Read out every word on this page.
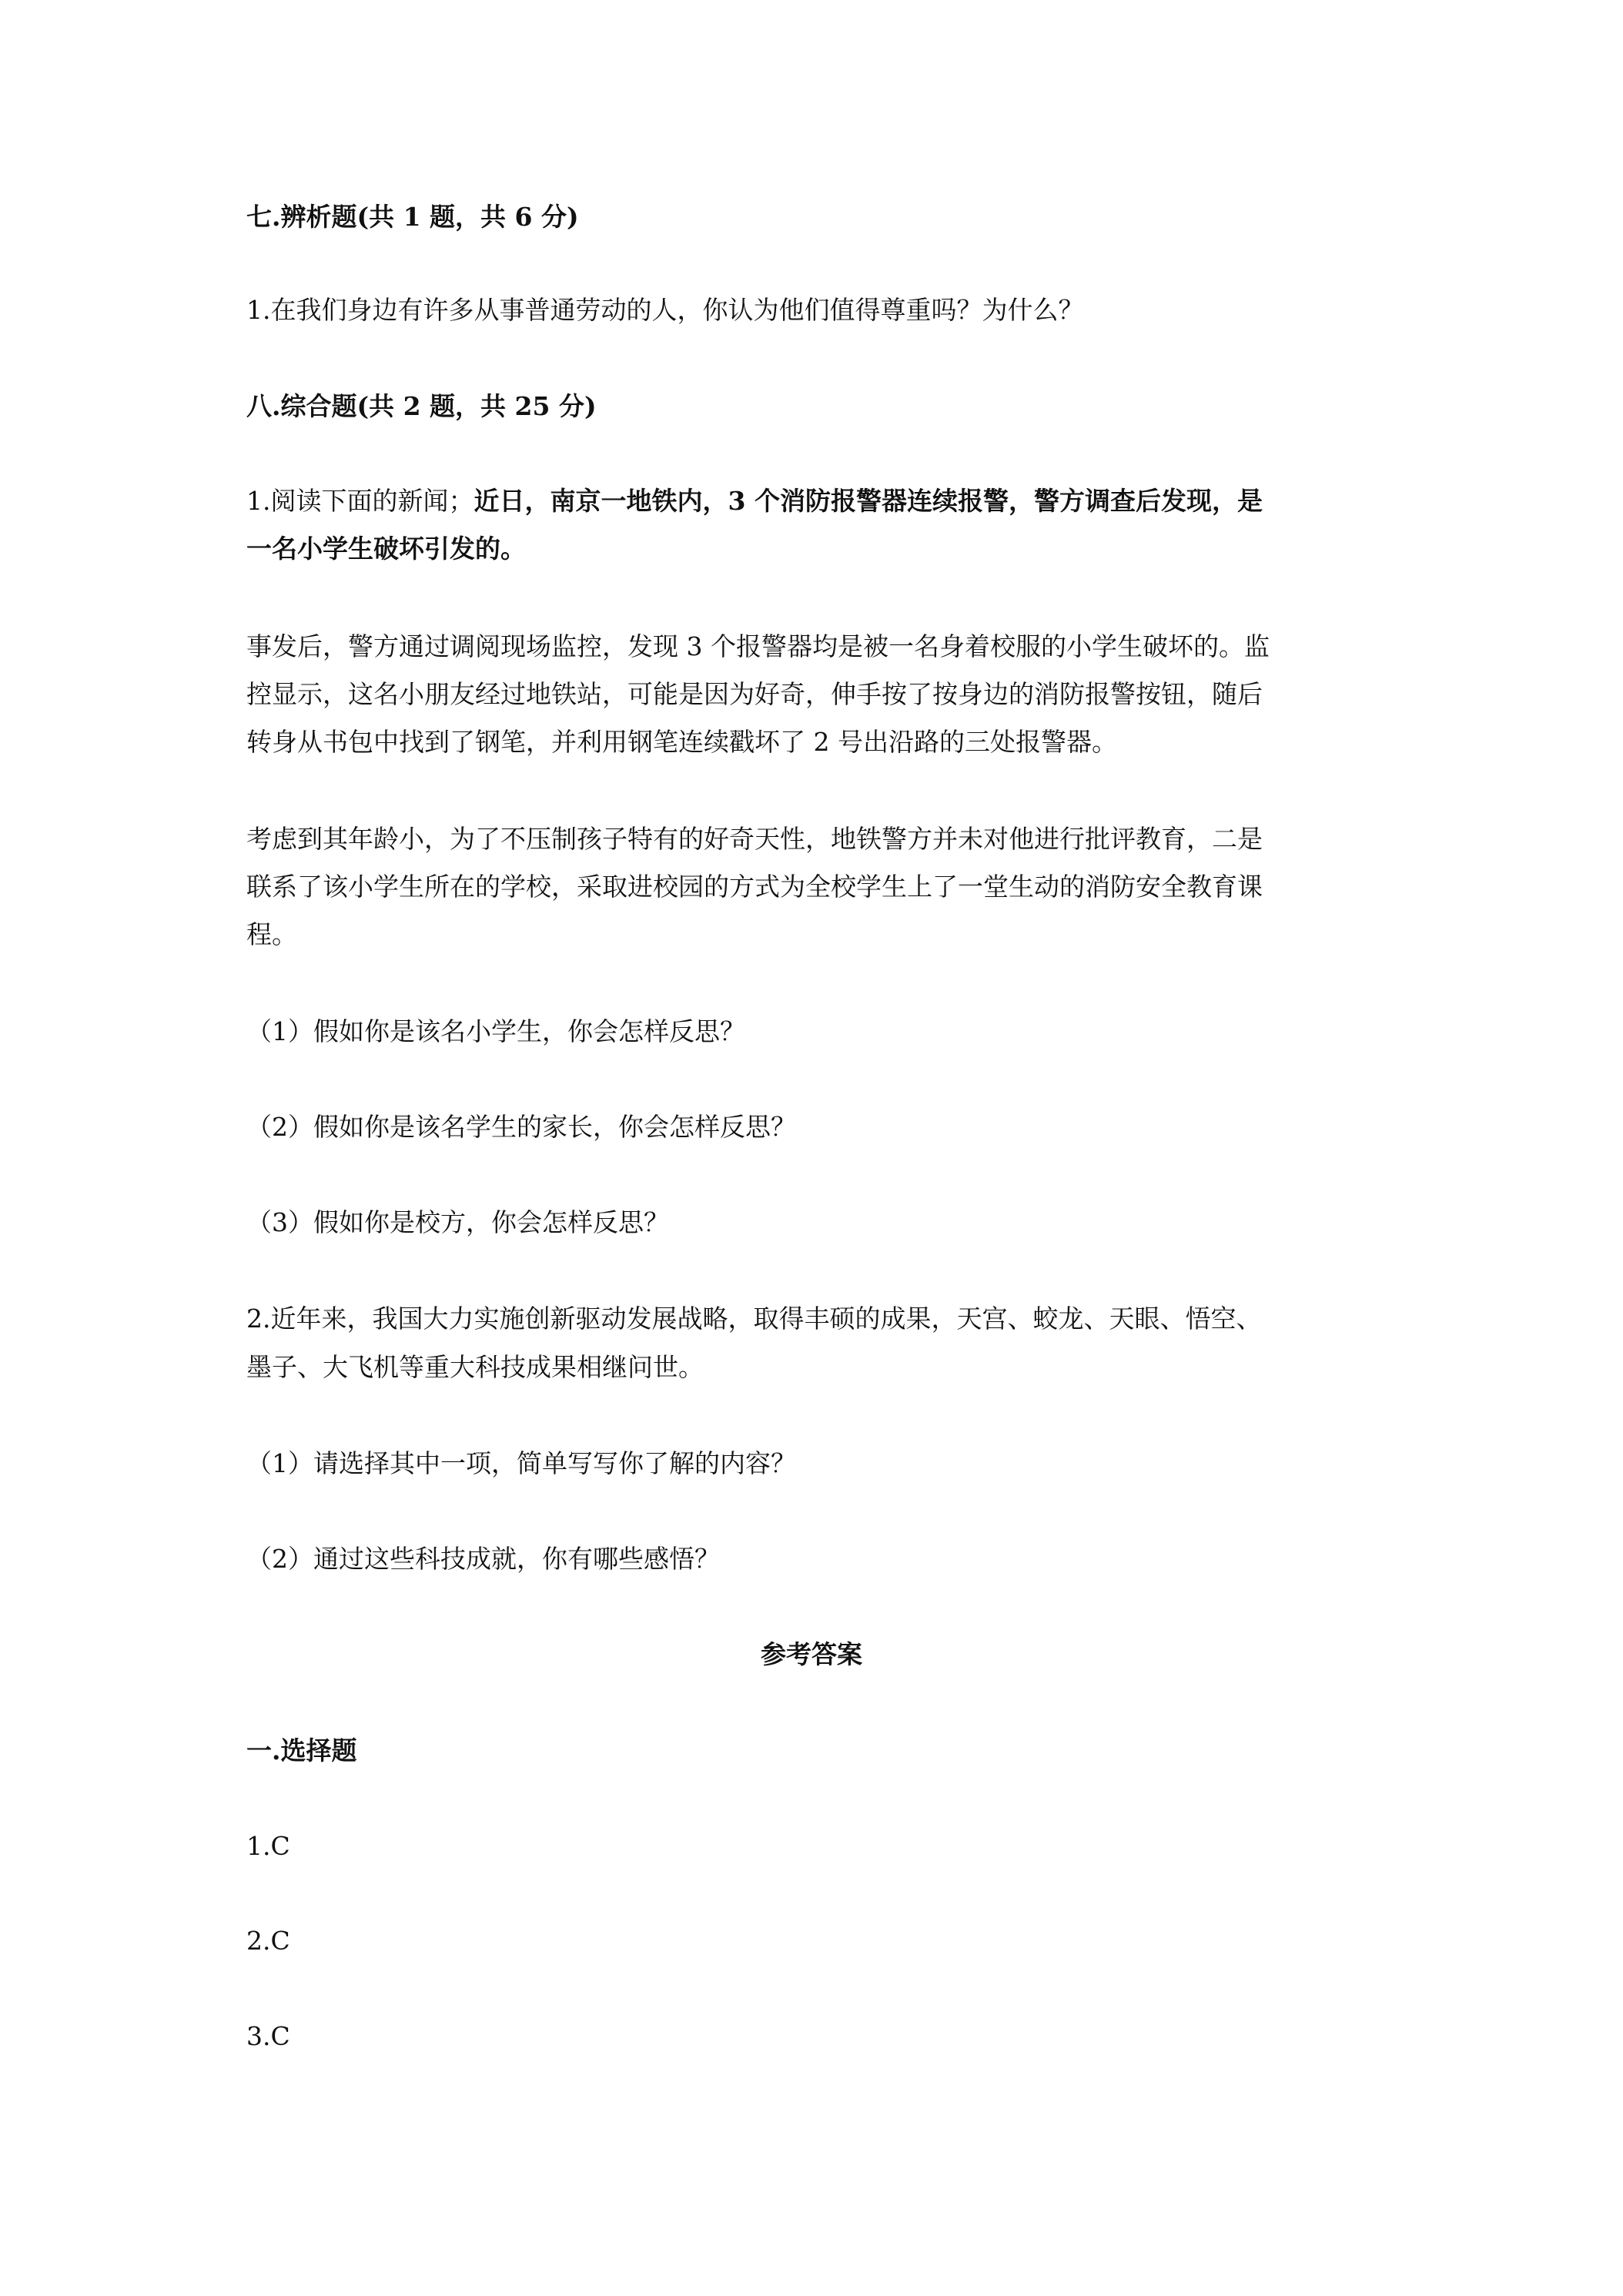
七.辨析题(共 1 题，共 6 分)
1.在我们身边有许多从事普通劳动的人，你认为他们值得尊重吗？为什么？
八.综合题(共 2 题，共 25 分)
1.阅读下面的新闻；近日，南京一地铁内，3 个消防报警器连续报警，警方调查后发现，是
一名小学生破坏引发的。
事发后，警方通过调阅现场监控，发现 3 个报警器均是被一名身着校服的小学生破坏的。监
控显示，这名小朋友经过地铁站，可能是因为好奇，伸手按了按身边的消防报警按钮，随后
转身从书包中找到了钢笔，并利用钢笔连续戳坏了 2 号出沿路的三处报警器。
考虑到其年龄小，为了不压制孩子特有的好奇天性，地铁警方并未对他进行批评教育，二是
联系了该小学生所在的学校，采取进校园的方式为全校学生上了一堂生动的消防安全教育课
程。
（1）假如你是该名小学生，你会怎样反思？
（2）假如你是该名学生的家长，你会怎样反思？
（3）假如你是校方，你会怎样反思？
2.近年来，我国大力实施创新驱动发展战略，取得丰硕的成果，天宫、蛟龙、天眼、悟空、
墨子、大飞机等重大科技成果相继问世。
（1）请选择其中一项，简单写写你了解的内容？
（2）通过这些科技成就，你有哪些感悟？
参考答案
一.选择题
1.C
2.C
3.C
